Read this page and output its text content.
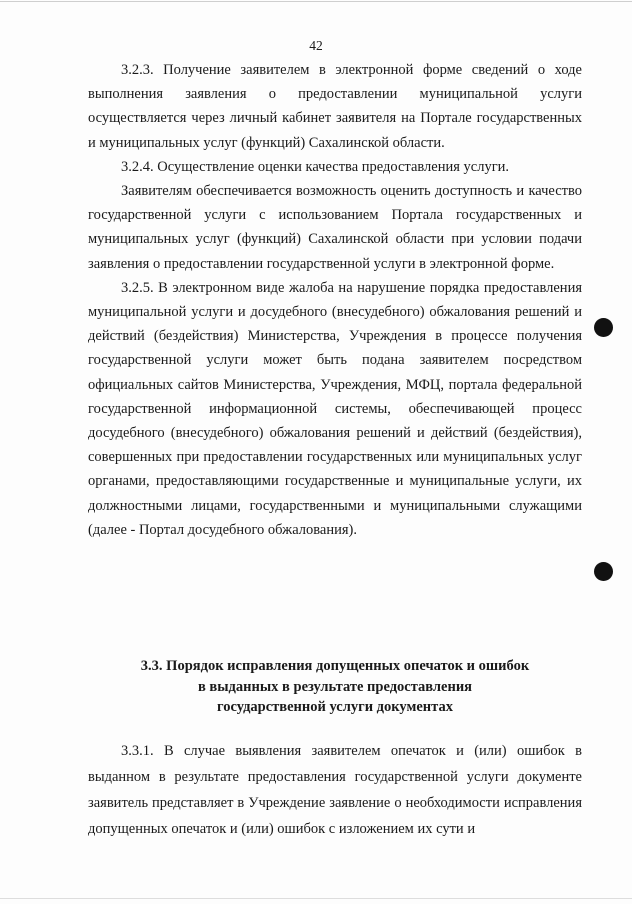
42

3.2.3. Получение заявителем в электронной форме сведений о ходе выполнения заявления о предоставлении муниципальной услуги осуществляется через личный кабинет заявителя на Портале государственных и муниципальных услуг (функций) Сахалинской области.

3.2.4. Осуществление оценки качества предоставления услуги.

Заявителям обеспечивается возможность оценить доступность и качество государственной услуги с использованием Портала государственных и муниципальных услуг (функций) Сахалинской области при условии подачи заявления о предоставлении государственной услуги в электронной форме.

3.2.5. В электронном виде жалоба на нарушение порядка предоставления муниципальной услуги и досудебного (внесудебного) обжалования решений и действий (бездействия) Министерства, Учреждения в процессе получения государственной услуги может быть подана заявителем посредством официальных сайтов Министерства, Учреждения, МФЦ, портала федеральной государственной информационной системы, обеспечивающей процесс досудебного (внесудебного) обжалования решений и действий (бездействия), совершенных при предоставлении государственных или муниципальных услуг органами, предоставляющими государственные и муниципальные услуги, их должностными лицами, государственными и муниципальными служащими (далее - Портал досудебного обжалования).

3.3. Порядок исправления допущенных опечаток и ошибок
в выданных в результате предоставления
государственной услуги документах

3.3.1. В случае выявления заявителем опечаток и (или) ошибок в выданном в результате предоставления государственной услуги документе заявитель представляет в Учреждение заявление о необходимости исправления допущенных опечаток и (или) ошибок с изложением их сути и
